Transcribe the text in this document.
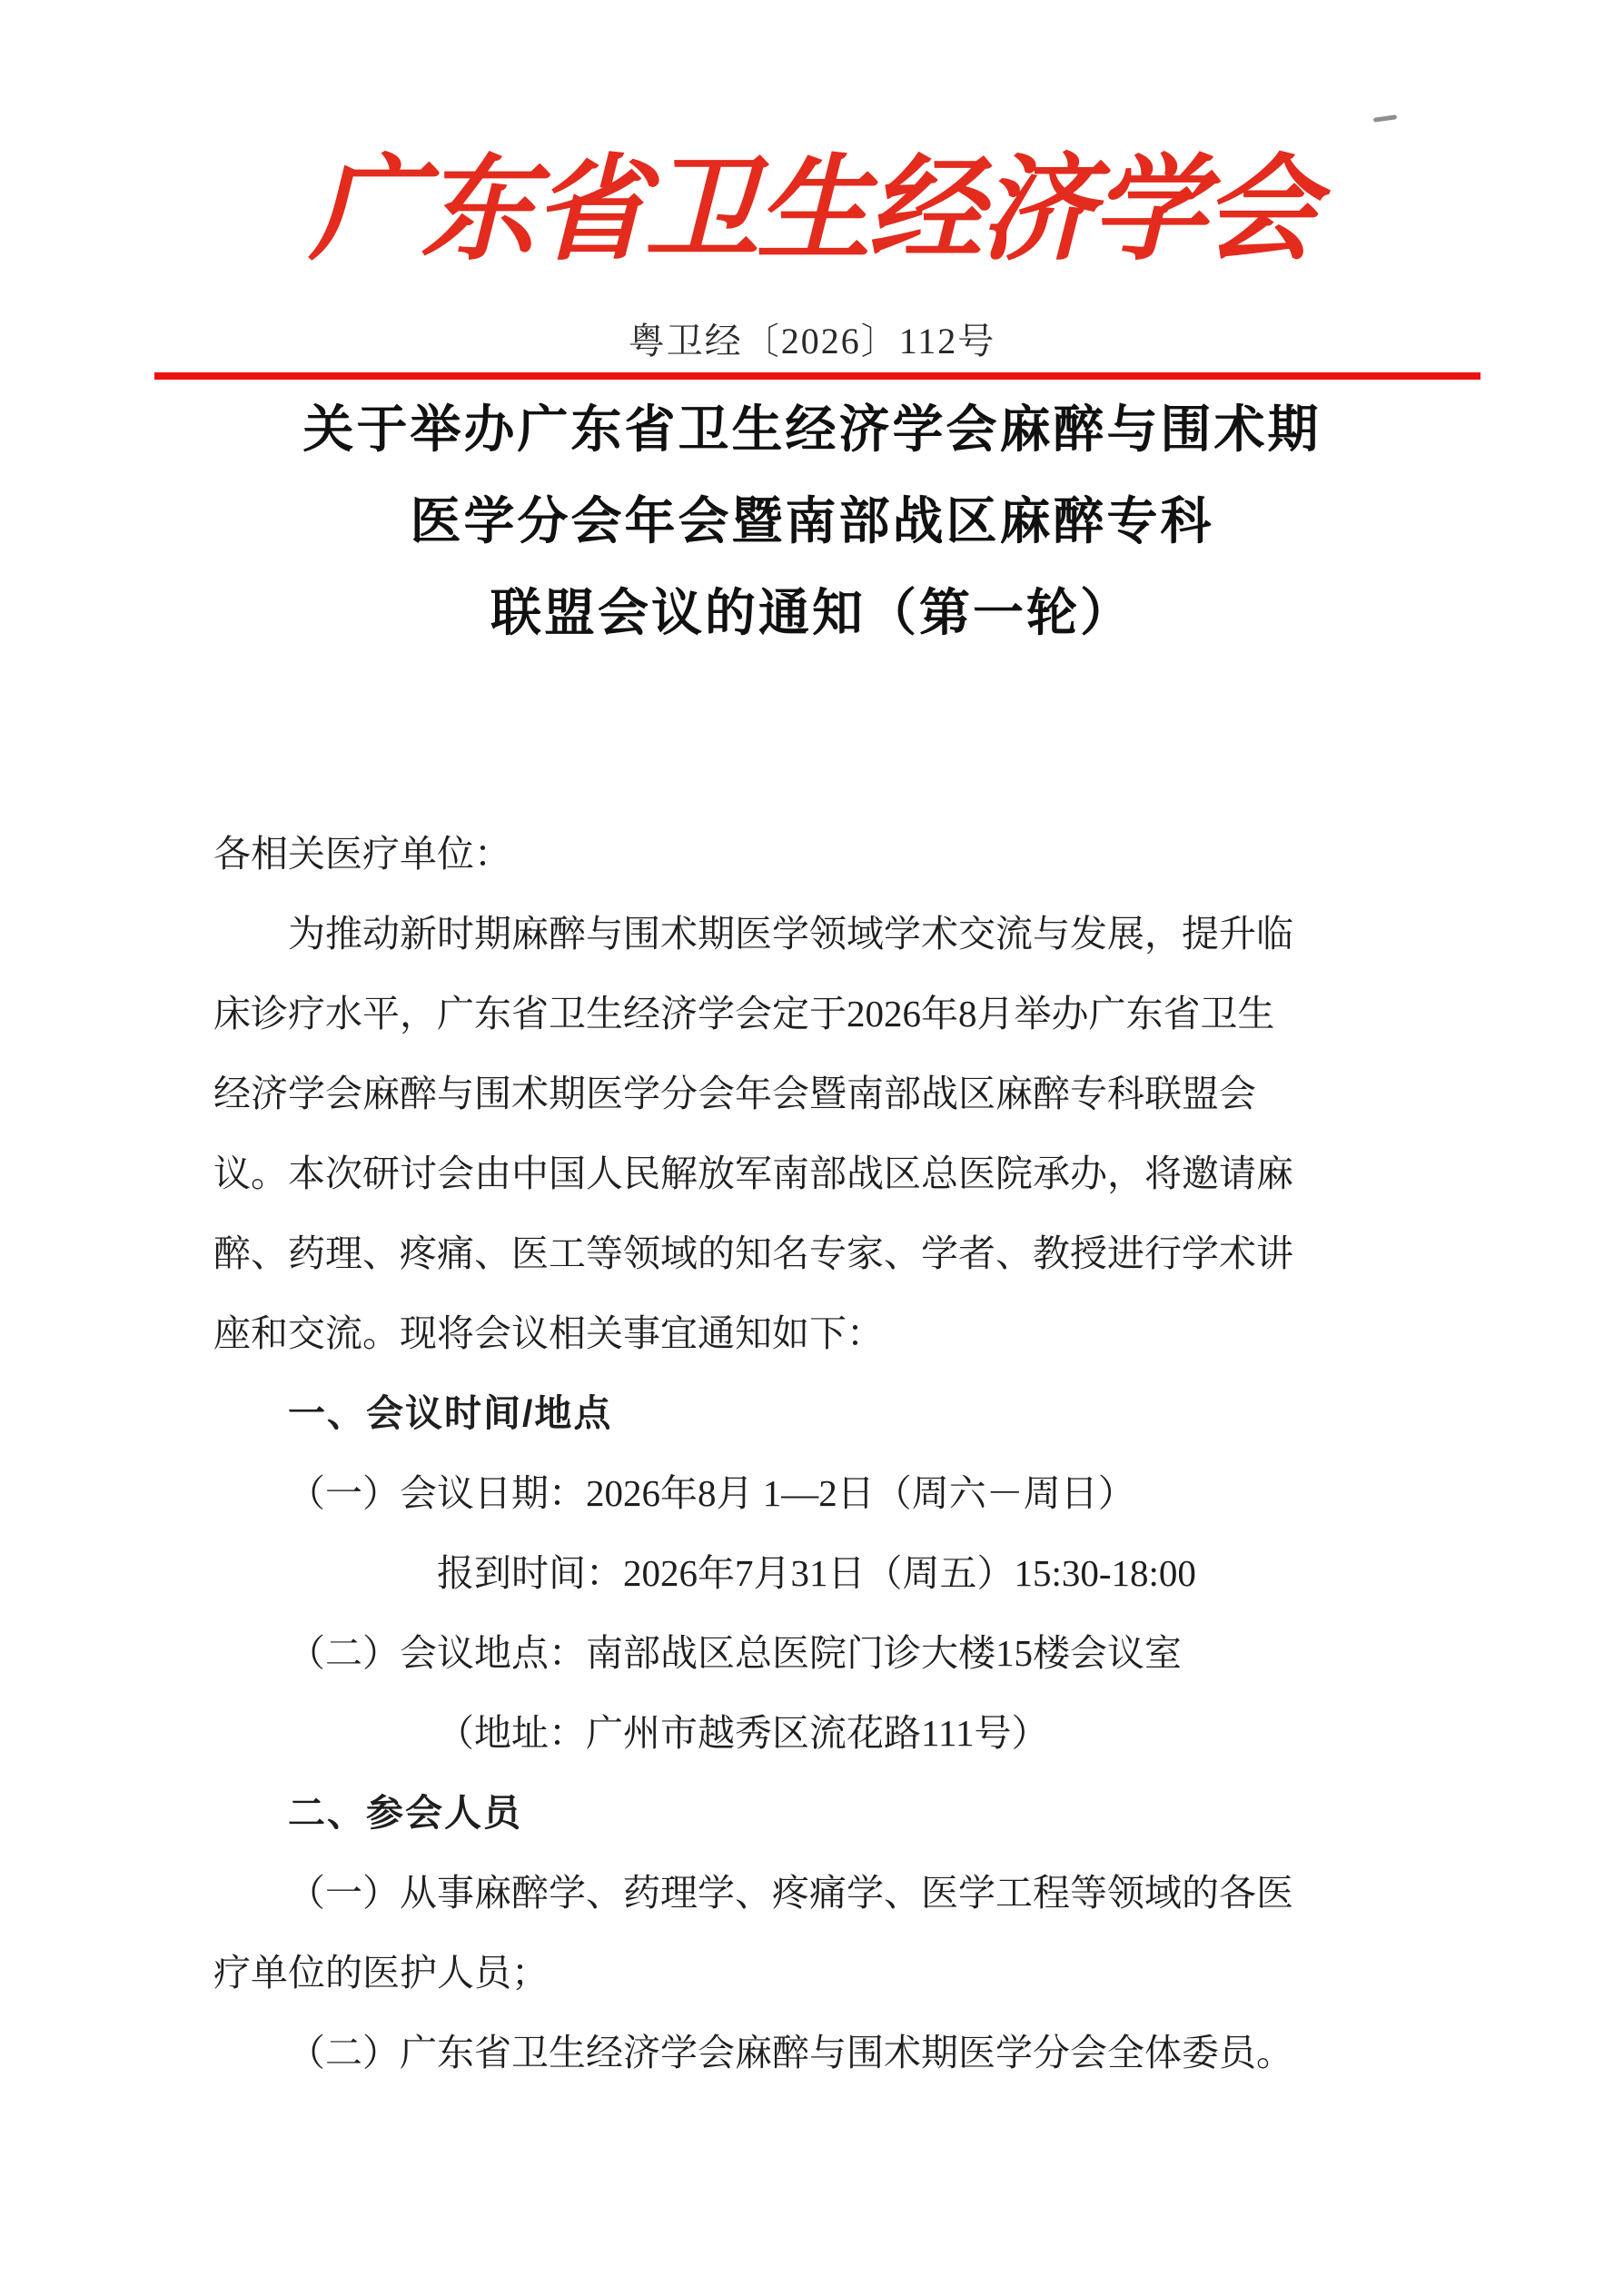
广东省卫生经济学会
粤卫经〔2026〕112号
关于举办广东省卫生经济学会麻醉与围术期
医学分会年会暨南部战区麻醉专科
联盟会议的通知（第一轮）
各相关医疗单位：
为推动新时期麻醉与围术期医学领域学术交流与发展，提升临
床诊疗水平，广东省卫生经济学会定于2026年8月举办广东省卫生
经济学会麻醉与围术期医学分会年会暨南部战区麻醉专科联盟会
议。本次研讨会由中国人民解放军南部战区总医院承办，将邀请麻
醉、药理、疼痛、医工等领域的知名专家、学者、教授进行学术讲
座和交流。现将会议相关事宜通知如下：
一、会议时间/地点
（一）会议日期：2026年8月 1—2日（周六－周日）
报到时间：2026年7月31日（周五）15:30-18:00
（二）会议地点：南部战区总医院门诊大楼15楼会议室
（地址：广州市越秀区流花路111号）
二、参会人员
（一）从事麻醉学、药理学、疼痛学、医学工程等领域的各医
疗单位的医护人员；
（二）广东省卫生经济学会麻醉与围术期医学分会全体委员。
